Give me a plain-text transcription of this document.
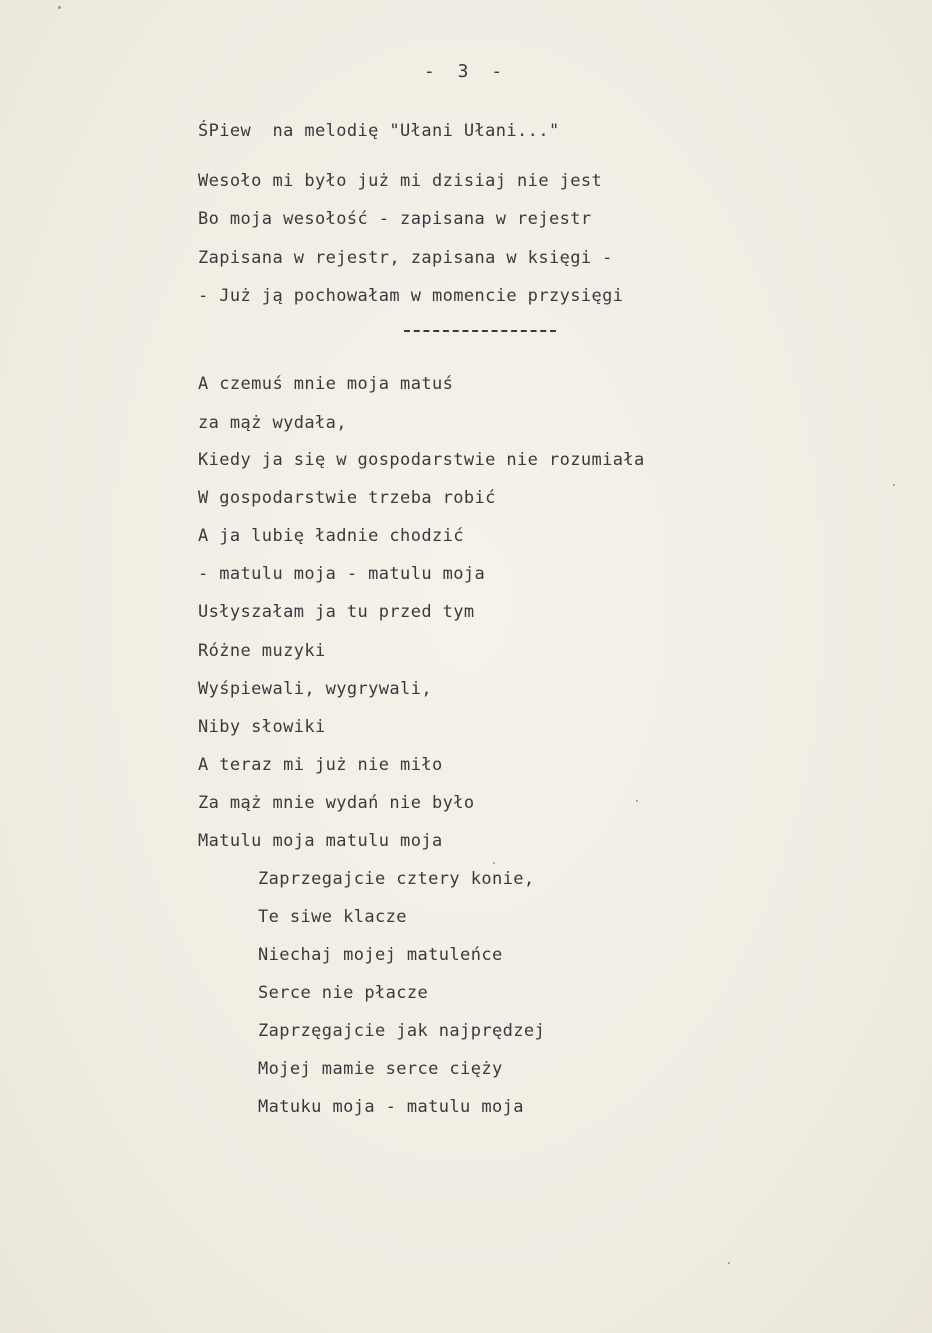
- 3 -
ŚPiew  na melodię "Ułani Ułani..."
Wesoło mi było już mi dzisiaj nie jest
Bo moja wesołość - zapisana w rejestr
Zapisana w rejestr, zapisana w księgi -
- Już ją pochowałam w momencie przysięgi
A czemuś mnie moja matuś
za mąż wydała,
Kiedy ja się w gospodarstwie nie rozumiała
W gospodarstwie trzeba robić
A ja lubię ładnie chodzić
- matulu moja - matulu moja
Usłyszałam ja tu przed tym
Różne muzyki
Wyśpiewali, wygrywali,
Niby słowiki
A teraz mi już nie miło
Za mąż mnie wydań nie było
Matulu moja matulu moja
Zaprzegajcie cztery konie,
Te siwe klacze
Niechaj mojej matuleńce
Serce nie płacze
Zaprzęgajcie jak najprędzej
Mojej mamie serce cięży
Matuku moja - matulu moja
